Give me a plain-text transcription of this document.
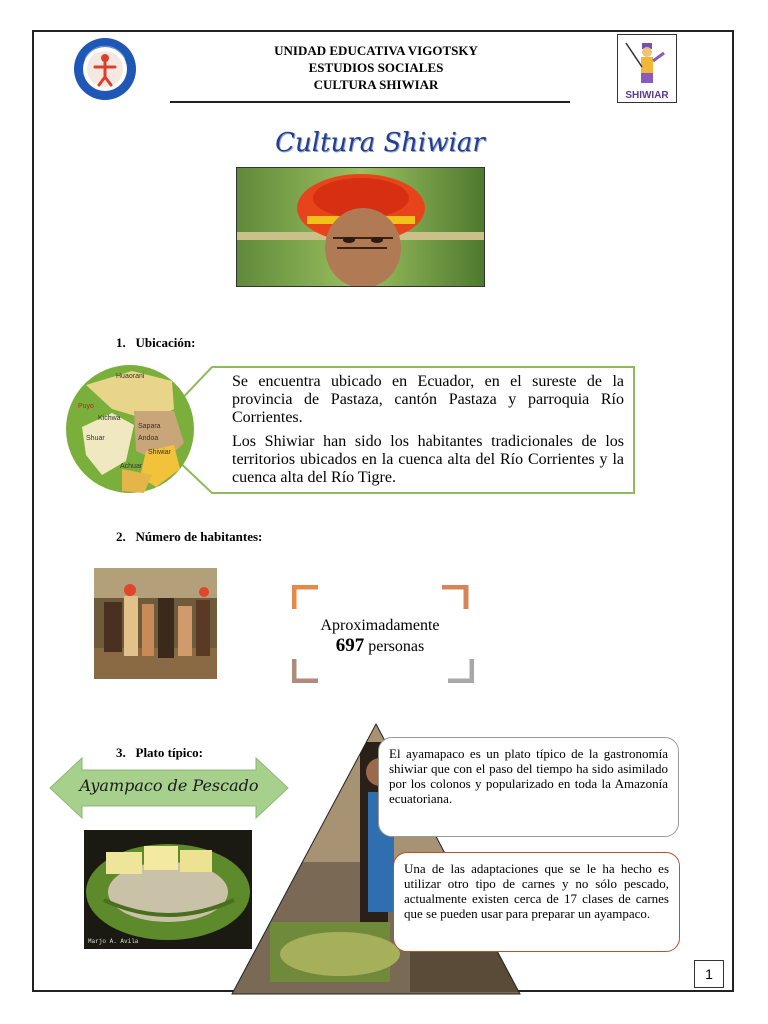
UNIDAD EDUCATIVA VIGOTSKY
ESTUDIOS SOCIALES
CULTURA SHIWIAR
SHIWIAR
Cultura Shiwiar
1. Ubicación:
Huaorani
Puyo
Kichwa
Sapara
Shiwiar
Shuar
Achuar
Andoa
Se encuentra ubicado en Ecuador, en el sureste de la provincia de Pastaza, cantón Pastaza y parroquia Río Corrientes.
Los Shiwiar han sido los habitantes tradicionales de los territorios ubicados en la cuenca alta del Río Corrientes y la cuenca alta del Río Tigre.
2. Número de habitantes:
Aproximadamente
697 personas
3. Plato típico:
Ayampaco de Pescado
Marjo A. Avila
El ayamapaco es un plato típico de la gastronomía shiwiar que con el paso del tiempo ha sido asimilado por los colonos y popularizado en toda la Amazonía ecuatoriana.
Una de las adaptaciones que se le ha hecho es utilizar otro tipo de carnes y no sólo pescado, actualmente existen cerca de 17 clases de carnes que se pueden usar para preparar un ayampaco.
1
